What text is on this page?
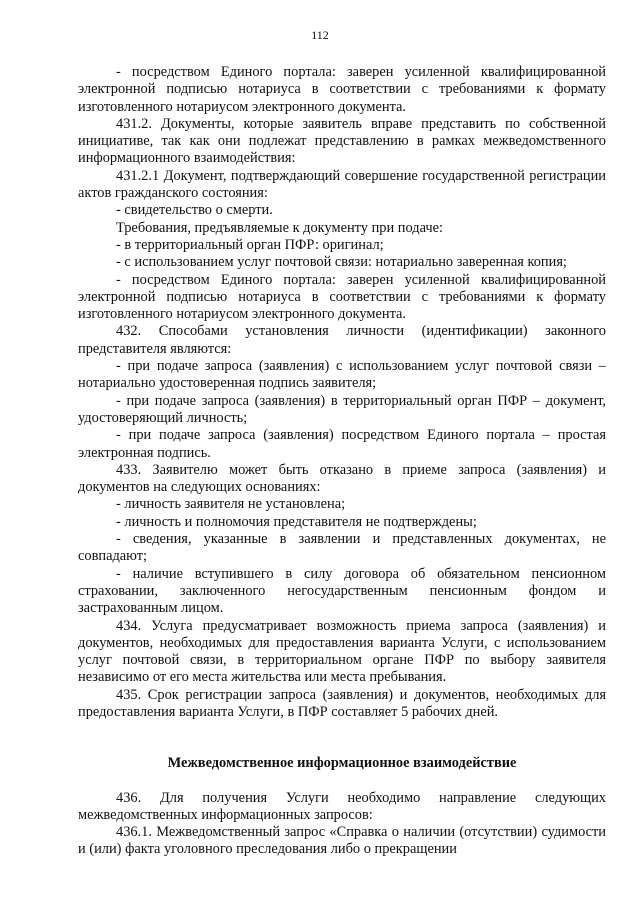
112

- посредством Единого портала: заверен усиленной квалифицированной электронной подписью нотариуса в соответствии с требованиями к формату изготовленного нотариусом электронного документа.

431.2. Документы, которые заявитель вправе представить по собственной инициативе, так как они подлежат представлению в рамках межведомственного информационного взаимодействия:

431.2.1 Документ, подтверждающий совершение государственной регистрации актов гражданского состояния:

- свидетельство о смерти.

Требования, предъявляемые к документу при подаче:

- в территориальный орган ПФР: оригинал;

- с использованием услуг почтовой связи: нотариально заверенная копия;

- посредством Единого портала: заверен усиленной квалифицированной электронной подписью нотариуса в соответствии с требованиями к формату изготовленного нотариусом электронного документа.

432. Способами установления личности (идентификации) законного представителя являются:

- при подаче запроса (заявления) с использованием услуг почтовой связи – нотариально удостоверенная подпись заявителя;

- при подаче запроса (заявления) в территориальный орган ПФР – документ, удостоверяющий личность;

- при подаче запроса (заявления) посредством Единого портала – простая электронная подпись.

433. Заявителю может быть отказано в приеме запроса (заявления) и документов на следующих основаниях:

- личность заявителя не установлена;

- личность и полномочия представителя не подтверждены;

- сведения, указанные в заявлении и представленных документах, не совпадают;

- наличие вступившего в силу договора об обязательном пенсионном страховании, заключенного негосударственным пенсионным фондом и застрахованным лицом.

434. Услуга предусматривает возможность приема запроса (заявления) и документов, необходимых для предоставления варианта Услуги, с использованием услуг почтовой связи, в территориальном органе ПФР по выбору заявителя независимо от его места жительства или места пребывания.

435. Срок регистрации запроса (заявления) и документов, необходимых для предоставления варианта Услуги, в ПФР составляет 5 рабочих дней.

Межведомственное информационное взаимодействие

436. Для получения Услуги необходимо направление следующих межведомственных информационных запросов:

436.1. Межведомственный запрос «Справка о наличии (отсутствии) судимости и (или) факта уголовного преследования либо о прекращении
